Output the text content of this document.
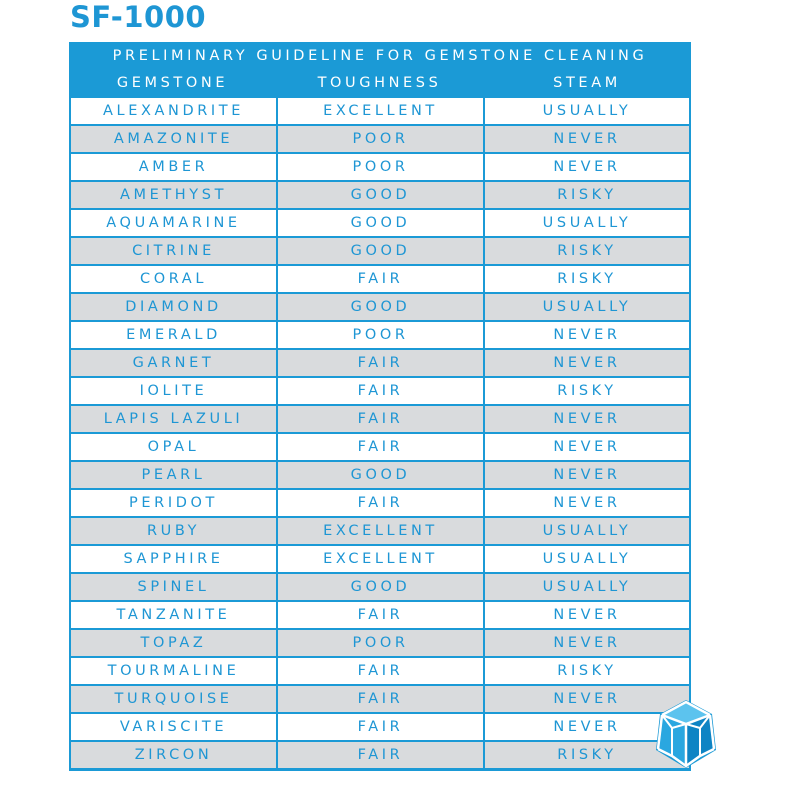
SF-1000
PRELIMINARY GUIDELINE FOR GEMSTONE CLEANING
GEMSTONE	TOUGHNESS	STEAM
ALEXANDRITE	EXCELLENT	USUALLY
AMAZONITE	POOR	NEVER
AMBER	POOR	NEVER
AMETHYST	GOOD	RISKY
AQUAMARINE	GOOD	USUALLY
CITRINE	GOOD	RISKY
CORAL	FAIR	RISKY
DIAMOND	GOOD	USUALLY
EMERALD	POOR	NEVER
GARNET	FAIR	NEVER
IOLITE	FAIR	RISKY
LAPIS LAZULI	FAIR	NEVER
OPAL	FAIR	NEVER
PEARL	GOOD	NEVER
PERIDOT	FAIR	NEVER
RUBY	EXCELLENT	USUALLY
SAPPHIRE	EXCELLENT	USUALLY
SPINEL	GOOD	USUALLY
TANZANITE	FAIR	NEVER
TOPAZ	POOR	NEVER
TOURMALINE	FAIR	RISKY
TURQUOISE	FAIR	NEVER
VARISCITE	FAIR	NEVER
ZIRCON	FAIR	RISKY
